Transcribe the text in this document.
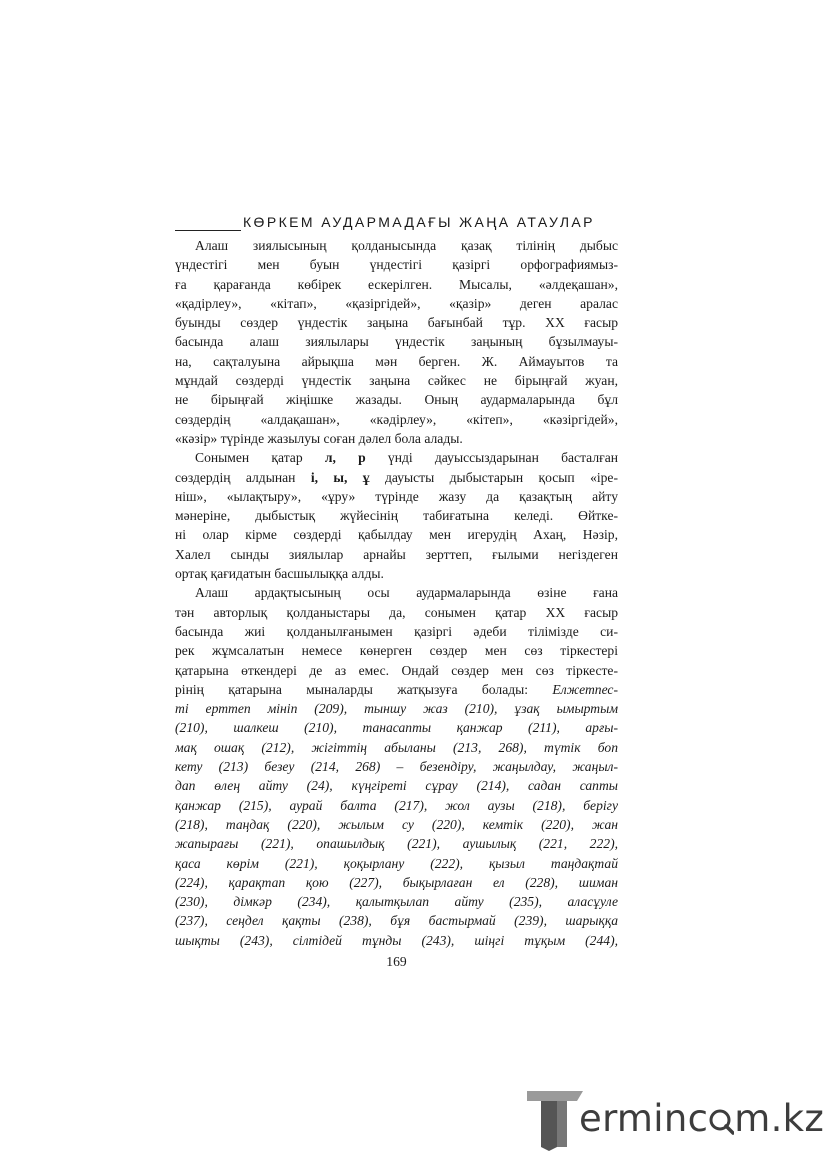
КӨРКЕМ АУДАРМАДАҒЫ ЖАҢА АТАУЛАР
Алаш зиялысының қолданысында қазақ тілінің дыбыс
үндестігі мен буын үндестігі қазіргі орфографиямыз-
ға қарағанда көбірек ескерілген. Мысалы, «әлдеқашан»,
«қадірлеу», «кітап», «қазіргідей», «қазір» деген аралас
буынды сөздер үндестік заңына бағынбай тұр. ХХ ғасыр
басында алаш зиялылары үндестік заңының бұзылмауы-
на, сақталуына айрықша мән берген. Ж. Аймауытов та
мұндай сөздерді үндестік заңына сәйкес не бірыңғай жуан,
не бірыңғай жіңішке жазады. Оның аудармаларында бұл
сөздердің «алдақашан», «кәдірлеу», «кітеп», «кәзіргідей»,
«кәзір» түрінде жазылуы соған дәлел бола алады.
Сонымен қатар л, р үнді дауыссыздарынан басталған
сөздердің алдынан і, ы, ұ дауысты дыбыстарын қосып «іре-
ніш», «ылақтыру», «ұру» түрінде жазу да қазақтың айту
мәнеріне, дыбыстық жүйесінің табиғатына келеді. Өйтке-
ні олар кірме сөздерді қабылдау мен игерудің Ахаң, Нәзір,
Халел сынды зиялылар арнайы зерттеп, ғылыми негіздеген
ортақ қағидатын басшылыққа алды.
Алаш ардақтысының осы аудармаларында өзіне ғана
тән авторлық қолданыстары да, сонымен қатар ХХ ғасыр
басында жиі қолданылғанымен қазіргі әдеби тілімізде си-
рек жұмсалатын немесе көнерген сөздер мен сөз тіркестері
қатарына өткендері де аз емес. Ондай сөздер мен сөз тіркесте-
рінің қатарына мыналарды жатқызуға болады: Елжетпес-
ті ерттеп мініп (209), тыншу жаз (210), ұзақ ымыртым
(210), шалкеш (210), танасапты қанжар (211), арғы-
мақ ошақ (212), жігіттің абыланы (213, 268), түтік боп
кету (213) безеу (214, 268) – безендіру, жаңылдау, жаңыл-
дап өлең айту (24), күңгіреті сұрау (214), садан сапты
қанжар (215), аурай балта (217), жол аузы (218), берігу
(218), таңдақ (220), жылым су (220), кемтік (220), жан
жапырағы (221), опашылдық (221), аушылық (221, 222),
қаса көрім (221), қоқырлану (222), қызыл таңдақтай
(224), қарақтап қою (227), бықырлаған ел (228), шиман
(230), дімкәр (234), қалытқылап айту (235), аласұуле
(237), сеңдел қақты (238), бұя бастырмай (239), шарыққа
шықты (243), сілтідей тұнды (243), шіңгі тұқым (244),
169
erminc m.kz
